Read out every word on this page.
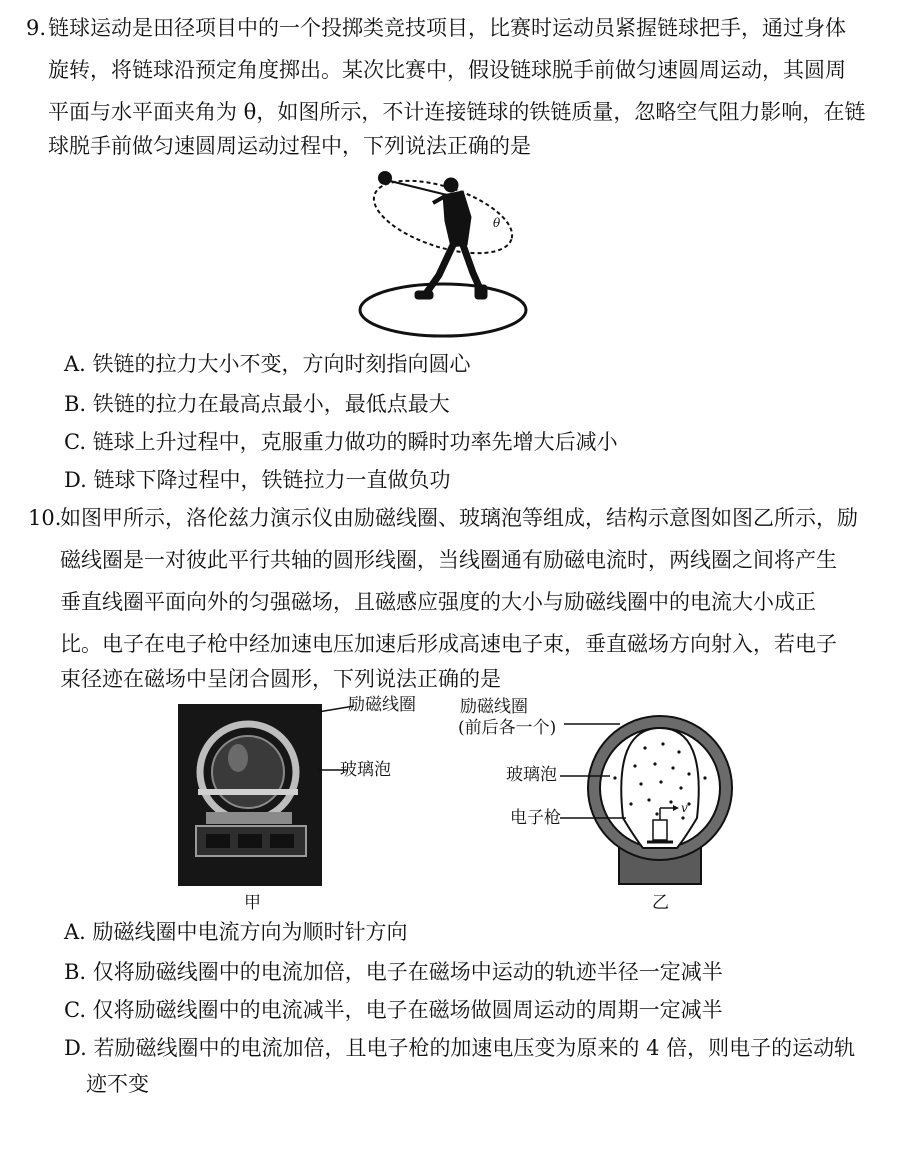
9. 链球运动是田径项目中的一个投掷类竞技项目，比赛时运动员紧握链球把手，通过身体
旋转，将链球沿预定角度掷出。某次比赛中，假设链球脱手前做匀速圆周运动，其圆周
平面与水平面夹角为 θ，如图所示，不计连接链球的铁链质量，忽略空气阻力影响，在链
球脱手前做匀速圆周运动过程中，下列说法正确的是
θ
A. 铁链的拉力大小不变，方向时刻指向圆心
B. 铁链的拉力在最高点最小，最低点最大
C. 链球上升过程中，克服重力做功的瞬时功率先增大后减小
D. 链球下降过程中，铁链拉力一直做负功
10.
如图甲所示，洛伦兹力演示仪由励磁线圈、玻璃泡等组成，结构示意图如图乙所示，励
磁线圈是一对彼此平行共轴的圆形线圈，当线圈通有励磁电流时，两线圈之间将产生
垂直线圈平面向外的匀强磁场，且磁感应强度的大小与励磁线圈中的电流大小成正
比。电子在电子枪中经加速电压加速后形成高速电子束，垂直磁场方向射入，若电子
束径迹在磁场中呈闭合圆形，下列说法正确的是
励磁线圈
玻璃泡
甲
v
励磁线圈
(前后各一个)
玻璃泡
电子枪
乙
A. 励磁线圈中电流方向为顺时针方向
B. 仅将励磁线圈中的电流加倍，电子在磁场中运动的轨迹半径一定减半
C. 仅将励磁线圈中的电流减半，电子在磁场做圆周运动的周期一定减半
D. 若励磁线圈中的电流加倍，且电子枪的加速电压变为原来的 4 倍，则电子的运动轨
迹不变
